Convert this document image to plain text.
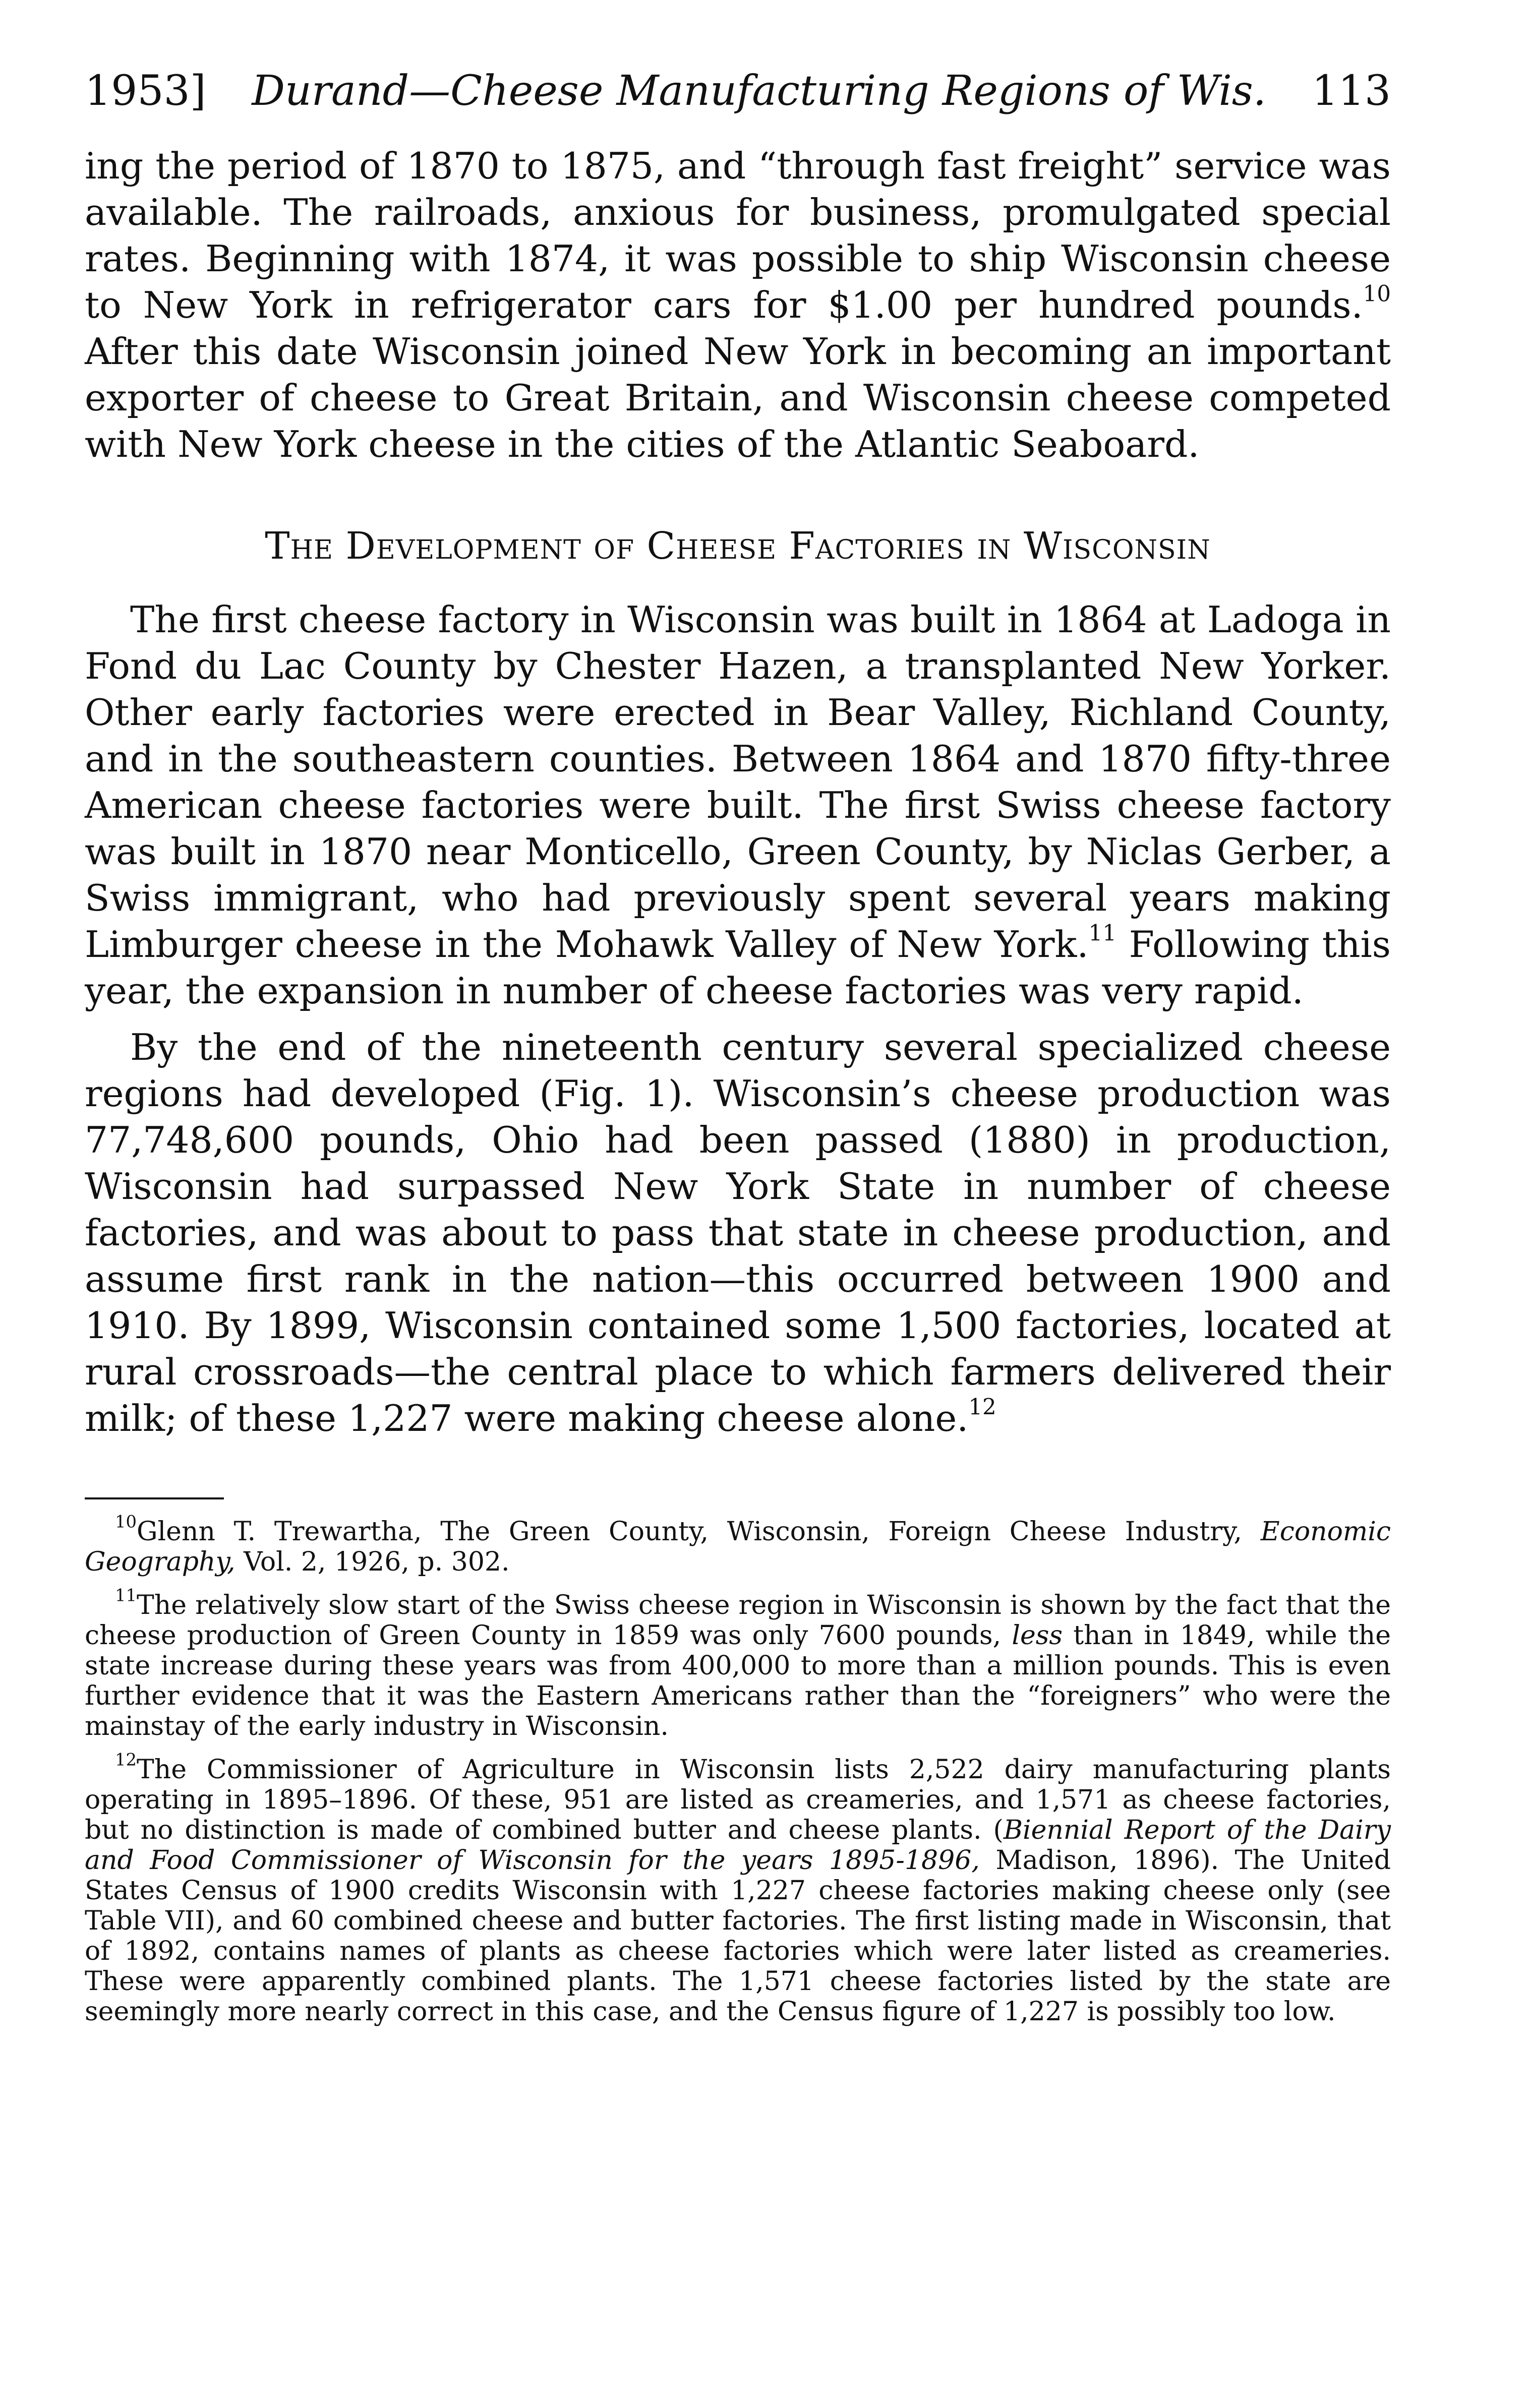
1953] Durand—Cheese Manufacturing Regions of Wis. 113

ing the period of 1870 to 1875, and “through fast freight” service was available. The railroads, anxious for business, promulgated special rates. Beginning with 1874, it was possible to ship Wisconsin cheese to New York in refrigerator cars for $1.00 per hundred pounds.$^{10}$ After this date Wisconsin joined New York in becoming an important exporter of cheese to Great Britain, and Wisconsin cheese competed with New York cheese in the cities of the Atlantic Seaboard.

The Development of Cheese Factories in Wisconsin

The first cheese factory in Wisconsin was built in 1864 at Ladoga in Fond du Lac County by Chester Hazen, a transplanted New Yorker. Other early factories were erected in Bear Valley, Richland County, and in the southeastern counties. Between 1864 and 1870 fifty-three American cheese factories were built. The first Swiss cheese factory was built in 1870 near Monticello, Green County, by Niclas Gerber, a Swiss immigrant, who had previously spent several years making Limburger cheese in the Mohawk Valley of New York.$^{11}$ Following this year, the expansion in number of cheese factories was very rapid.

By the end of the nineteenth century several specialized cheese regions had developed (Fig. 1). Wisconsin’s cheese production was 77,748,600 pounds, Ohio had been passed (1880) in production, Wisconsin had surpassed New York State in number of cheese factories, and was about to pass that state in cheese production, and assume first rank in the nation—this occurred between 1900 and 1910. By 1899, Wisconsin contained some 1,500 factories, located at rural crossroads—the central place to which farmers delivered their milk; of these 1,227 were making cheese alone.$^{12}$

$^{10}$Glenn T. Trewartha, The Green County, Wisconsin, Foreign Cheese Industry, Economic Geography, Vol. 2, 1926, p. 302.

$^{11}$The relatively slow start of the Swiss cheese region in Wisconsin is shown by the fact that the cheese production of Green County in 1859 was only 7600 pounds, less than in 1849, while the state increase during these years was from 400,000 to more than a million pounds. This is even further evidence that it was the Eastern Americans rather than the “foreigners” who were the mainstay of the early industry in Wisconsin.

$^{12}$The Commissioner of Agriculture in Wisconsin lists 2,522 dairy manufacturing plants operating in 1895–1896. Of these, 951 are listed as creameries, and 1,571 as cheese factories, but no distinction is made of combined butter and cheese plants. (Biennial Report of the Dairy and Food Commissioner of Wisconsin for the years 1895-1896, Madison, 1896). The United States Census of 1900 credits Wisconsin with 1,227 cheese factories making cheese only (see Table VII), and 60 combined cheese and butter factories. The first listing made in Wisconsin, that of 1892, contains names of plants as cheese factories which were later listed as creameries. These were apparently combined plants. The 1,571 cheese factories listed by the state are seemingly more nearly correct in this case, and the Census figure of 1,227 is possibly too low.
